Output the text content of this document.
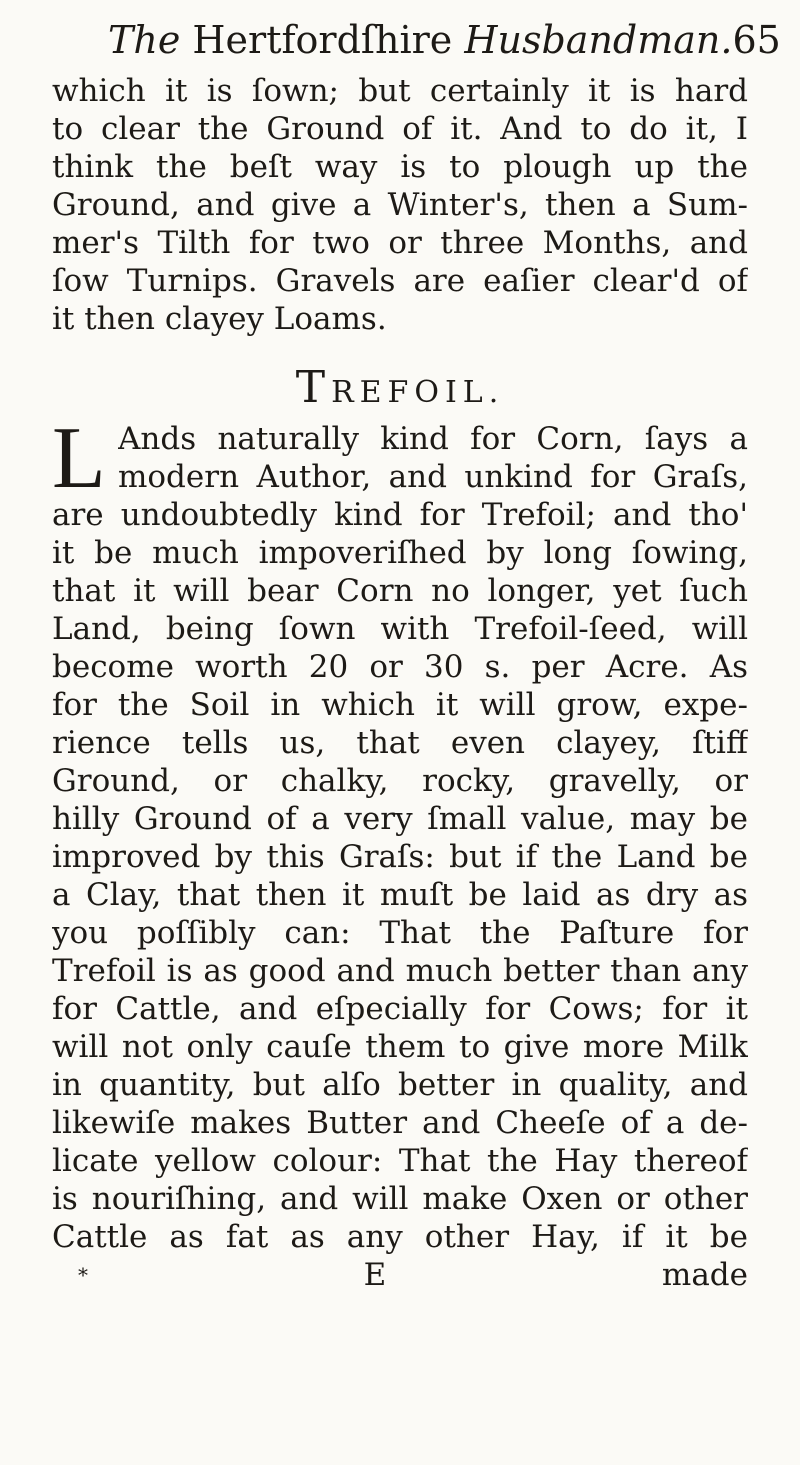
The Hertfordſhire Husbandman. 65
which it is ſown; but certainly it is hard
to clear the Ground of it. And to do it, I
think the beſt way is to plough up the
Ground, and give a Winter's, then a Sum-
mer's Tilth for two or three Months, and
ſow Turnips. Gravels are eaſier clear'd of
it then clayey Loams.
TREFOIL.
L Ands naturally kind for Corn, ſays a
modern Author, and unkind for Graſs,
are undoubtedly kind for Trefoil; and tho'
it be much impoveriſhed by long ſowing,
that it will bear Corn no longer, yet ſuch
Land, being ſown with Trefoil-ſeed, will
become worth 20 or 30 s. per Acre. As
for the Soil in which it will grow, expe-
rience tells us, that even clayey, ſtiff
Ground, or chalky, rocky, gravelly, or
hilly Ground of a very ſmall value, may be
improved by this Graſs: but if the Land be
a Clay, that then it muſt be laid as dry as
you poſſibly can: That the Paſture for
Trefoil is as good and much better than any
for Cattle, and eſpecially for Cows; for it
will not only cauſe them to give more Milk
in quantity, but alſo better in quality, and
likewiſe makes Butter and Cheeſe of a de-
licate yellow colour: That the Hay thereof
is nouriſhing, and will make Oxen or other
Cattle as fat as any other Hay, if it be
*	E	made
